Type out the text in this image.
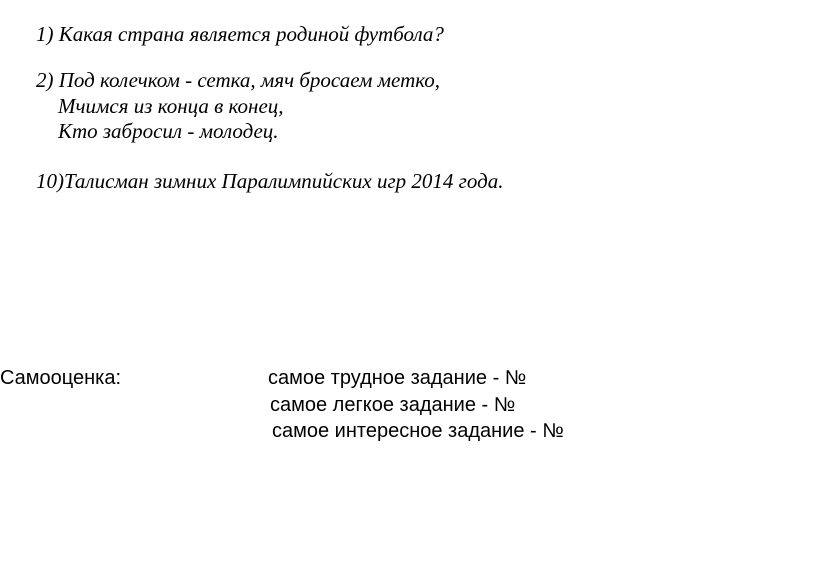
1) Какая страна является родиной футбола?
2) Под колечком - сетка, мяч бросаем метко,
Мчимся из конца в конец,
Кто забросил - молодец.
10)Талисман зимних Паралимпийских игр 2014 года.
Самооценка:	самое трудное задание - №
самое легкое задание - №
самое интересное задание - №
